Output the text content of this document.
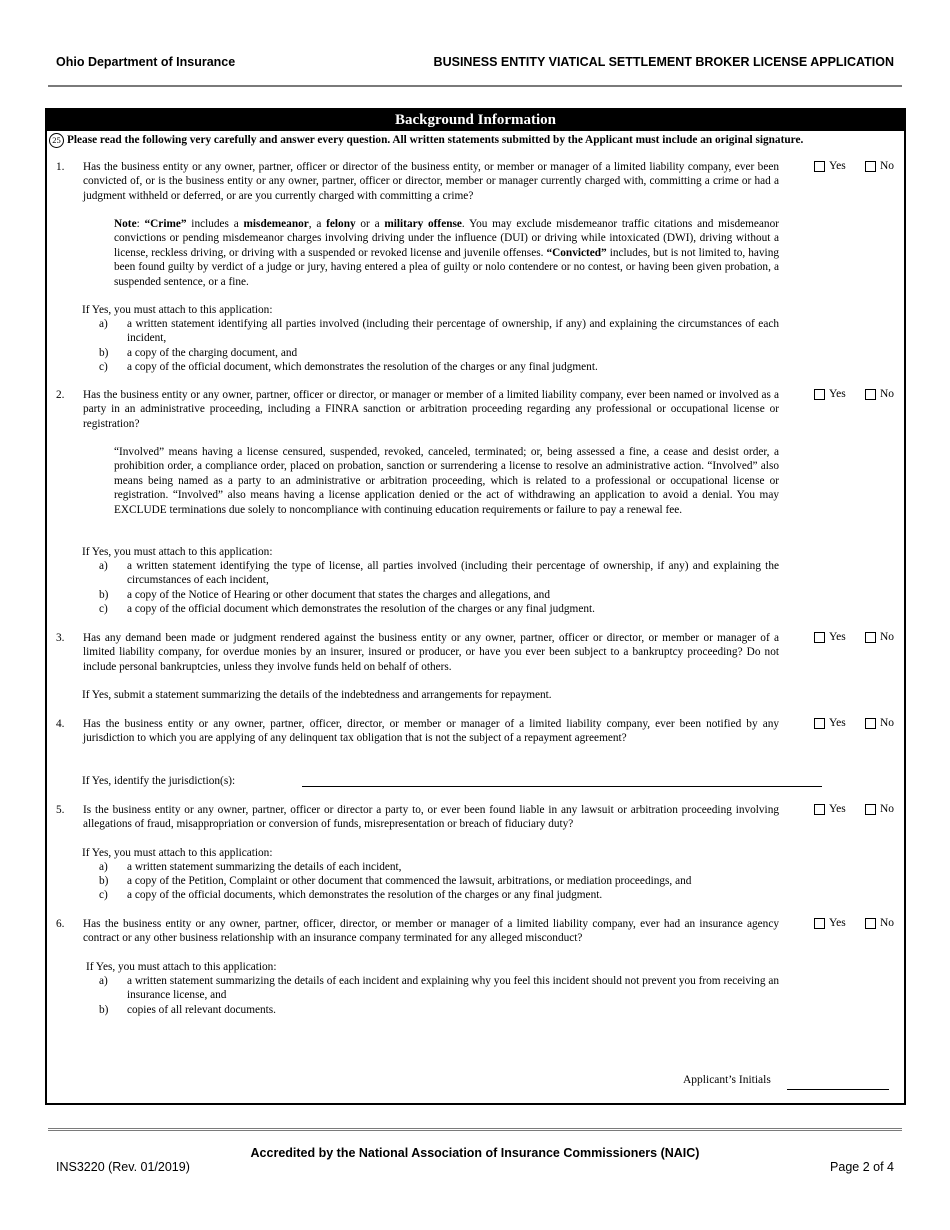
Ohio Department of Insurance	BUSINESS ENTITY VIATICAL SETTLEMENT BROKER LICENSE APPLICATION
Background Information
25 Please read the following very carefully and answer every question. All written statements submitted by the Applicant must include an original signature.
1. Has the business entity or any owner, partner, officer or director of the business entity, or member or manager of a limited liability company, ever been convicted of, or is the business entity or any owner, partner, officer or director, member or manager currently charged with, committing a crime or had a judgment withheld or deferred, or are you currently charged with committing a crime?
Yes	No
Note: “Crime” includes a misdemeanor, a felony or a military offense. You may exclude misdemeanor traffic citations and misdemeanor convictions or pending misdemeanor charges involving driving under the influence (DUI) or driving while intoxicated (DWI), driving without a license, reckless driving, or driving with a suspended or revoked license and juvenile offenses. “Convicted” includes, but is not limited to, having been found guilty by verdict of a judge or jury, having entered a plea of guilty or nolo contendere or no contest, or having been given probation, a suspended sentence, or a fine.
If Yes, you must attach to this application:
a) a written statement identifying all parties involved (including their percentage of ownership, if any) and explaining the circumstances of each incident,
b) a copy of the charging document, and
c) a copy of the official document, which demonstrates the resolution of the charges or any final judgment.
2. Has the business entity or any owner, partner, officer or director, or manager or member of a limited liability company, ever been named or involved as a party in an administrative proceeding, including a FINRA sanction or arbitration proceeding regarding any professional or occupational license or registration?
Yes	No
“Involved” means having a license censured, suspended, revoked, canceled, terminated; or, being assessed a fine, a cease and desist order, a prohibition order, a compliance order, placed on probation, sanction or surrendering a license to resolve an administrative action. “Involved” also means being named as a party to an administrative or arbitration proceeding, which is related to a professional or occupational license or registration. “Involved” also means having a license application denied or the act of withdrawing an application to avoid a denial. You may EXCLUDE terminations due solely to noncompliance with continuing education requirements or failure to pay a renewal fee.
If Yes, you must attach to this application:
a) a written statement identifying the type of license, all parties involved (including their percentage of ownership, if any) and explaining the circumstances of each incident,
b) a copy of the Notice of Hearing or other document that states the charges and allegations, and
c) a copy of the official document which demonstrates the resolution of the charges or any final judgment.
3. Has any demand been made or judgment rendered against the business entity or any owner, partner, officer or director, or member or manager of a limited liability company, for overdue monies by an insurer, insured or producer, or have you ever been subject to a bankruptcy proceeding? Do not include personal bankruptcies, unless they involve funds held on behalf of others.
Yes	No
If Yes, submit a statement summarizing the details of the indebtedness and arrangements for repayment.
4. Has the business entity or any owner, partner, officer, director, or member or manager of a limited liability company, ever been notified by any jurisdiction to which you are applying of any delinquent tax obligation that is not the subject of a repayment agreement?
Yes	No
If Yes, identify the jurisdiction(s):
5. Is the business entity or any owner, partner, officer or director a party to, or ever been found liable in any lawsuit or arbitration proceeding involving allegations of fraud, misappropriation or conversion of funds, misrepresentation or breach of fiduciary duty?
Yes	No
If Yes, you must attach to this application:
a) a written statement summarizing the details of each incident,
b) a copy of the Petition, Complaint or other document that commenced the lawsuit, arbitrations, or mediation proceedings, and
c) a copy of the official documents, which demonstrates the resolution of the charges or any final judgment.
6. Has the business entity or any owner, partner, officer, director, or member or manager of a limited liability company, ever had an insurance agency contract or any other business relationship with an insurance company terminated for any alleged misconduct?
Yes	No
If Yes, you must attach to this application:
a) a written statement summarizing the details of each incident and explaining why you feel this incident should not prevent you from receiving an insurance license, and
b) copies of all relevant documents.
Applicant’s Initials
Accredited by the National Association of Insurance Commissioners (NAIC)
INS3220 (Rev. 01/2019)	Page 2 of 4
